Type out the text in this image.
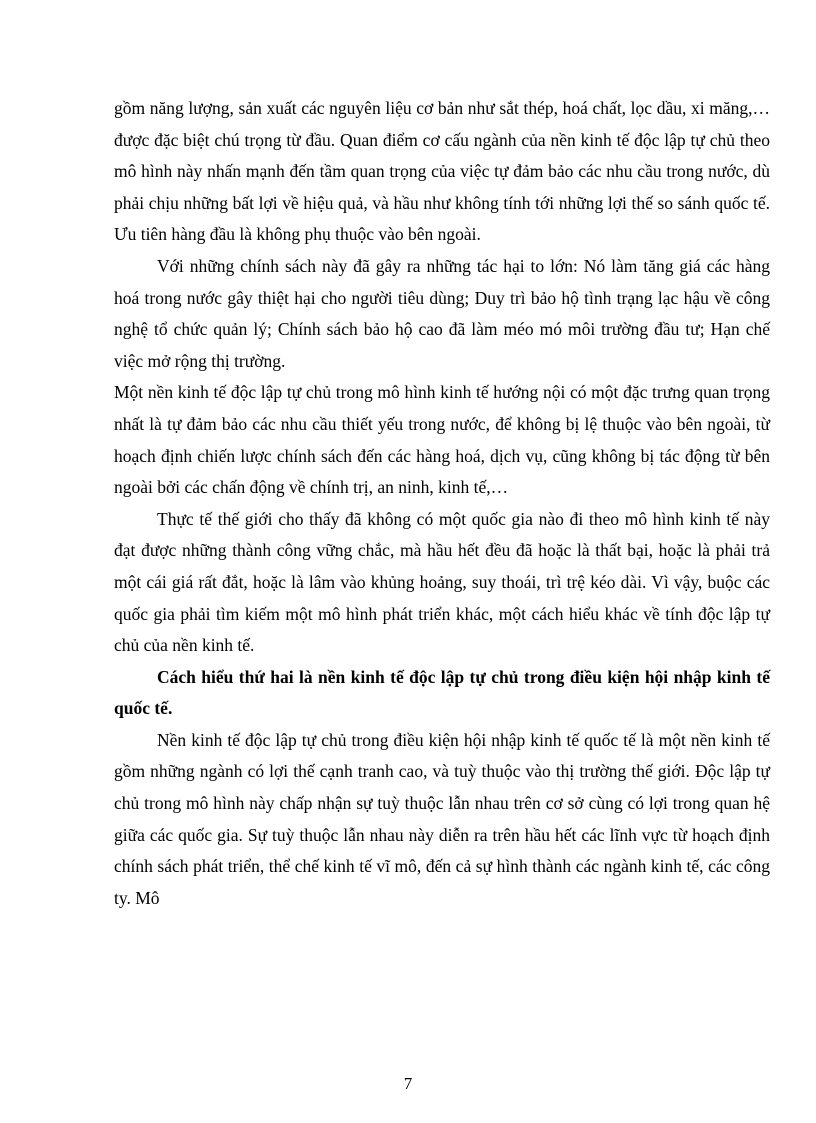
gồm năng lượng, sản xuất các nguyên liệu cơ bản như sắt thép, hoá chất, lọc dầu, xi măng,…được đặc biệt chú trọng từ đầu. Quan điểm cơ cấu ngành của nền kinh tế độc lập tự chủ theo mô hình này nhấn mạnh đến tầm quan trọng của việc tự đảm bảo các nhu cầu trong nước, dù phải chịu những bất lợi về hiệu quả, và hầu như không tính tới những lợi thế so sánh quốc tế. Ưu tiên hàng đầu là không phụ thuộc vào bên ngoài.

Với những chính sách này đã gây ra những tác hại to lớn: Nó làm tăng giá các hàng hoá trong nước gây thiệt hại cho người tiêu dùng; Duy trì bảo hộ tình trạng lạc hậu về công nghệ tổ chức quản lý; Chính sách bảo hộ cao đã làm méo mó môi trường đầu tư; Hạn chế việc mở rộng thị trường.

Một nền kinh tế độc lập tự chủ trong mô hình kinh tế hướng nội có một đặc trưng quan trọng nhất là tự đảm bảo các nhu cầu thiết yếu trong nước, để không bị lệ thuộc vào bên ngoài, từ hoạch định chiến lược chính sách đến các hàng hoá, dịch vụ, cũng không bị tác động từ bên ngoài bởi các chấn động về chính trị, an ninh, kinh tế,…

Thực tế thế giới cho thấy đã không có một quốc gia nào đi theo mô hình kinh tế này đạt được những thành công vững chắc, mà hầu hết đều đã hoặc là thất bại, hoặc là phải trả một cái giá rất đắt, hoặc là lâm vào khủng hoảng, suy thoái, trì trệ kéo dài. Vì vậy, buộc các quốc gia phải tìm kiếm một mô hình phát triển khác, một cách hiểu khác về tính độc lập tự chủ của nền kinh tế.

Cách hiểu thứ hai là nền kinh tế độc lập tự chủ trong điều kiện hội nhập kinh tế quốc tế.

Nền kinh tế độc lập tự chủ trong điều kiện hội nhập kinh tế quốc tế là một nền kinh tế gồm những ngành có lợi thế cạnh tranh cao, và tuỳ thuộc vào thị trường thế giới. Độc lập tự chủ trong mô hình này chấp nhận sự tuỳ thuộc lẫn nhau trên cơ sở cùng có lợi trong quan hệ giữa các quốc gia. Sự tuỳ thuộc lẫn nhau này diễn ra trên hầu hết các lĩnh vực từ hoạch định chính sách phát triển, thể chế kinh tế vĩ mô, đến cả sự hình thành các ngành kinh tế, các công ty. Mô

7
